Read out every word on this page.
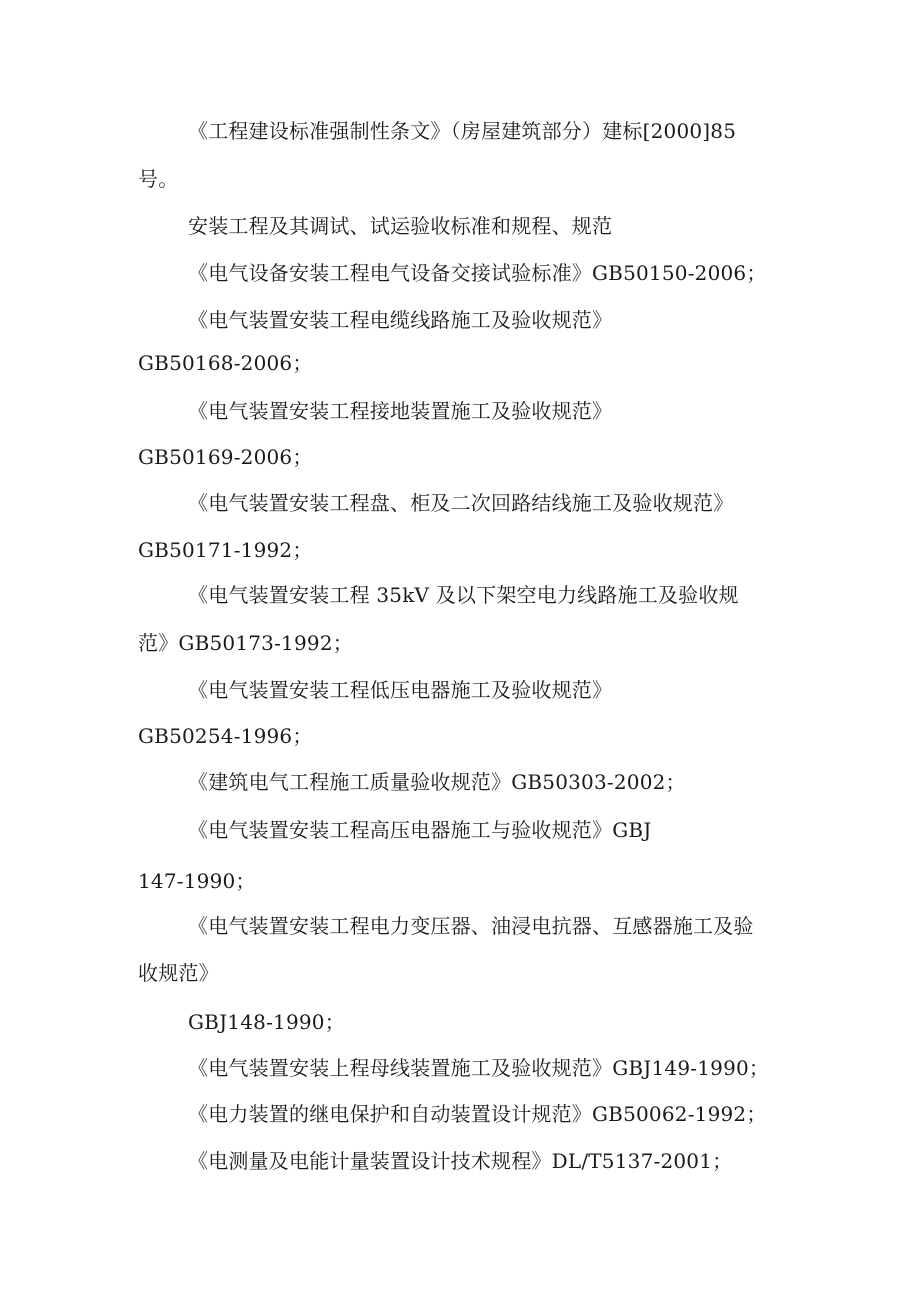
《工程建设标准强制性条文》（房屋建筑部分）建标[2000]85
号。
安装工程及其调试、试运验收标准和规程、规范
《电气设备安装工程电气设备交接试验标准》GB50150-2006；
《电气装置安装工程电缆线路施工及验收规范》
GB50168-2006；
《电气装置安装工程接地装置施工及验收规范》
GB50169-2006；
《电气装置安装工程盘、柜及二次回路结线施工及验收规范》
GB50171-1992；
《电气装置安装工程 35kV 及以下架空电力线路施工及验收规
范》GB50173-1992；
《电气装置安装工程低压电器施工及验收规范》
GB50254-1996；
《建筑电气工程施工质量验收规范》GB50303-2002；
《电气装置安装工程高压电器施工与验收规范》GBJ
147-1990；
《电气装置安装工程电力变压器、油浸电抗器、互感器施工及验
收规范》
GBJ148-1990；
《电气装置安装上程母线装置施工及验收规范》GBJ149-1990；
《电力装置的继电保护和自动装置设计规范》GB50062-1992；
《电测量及电能计量装置设计技术规程》DL/T5137-2001；
